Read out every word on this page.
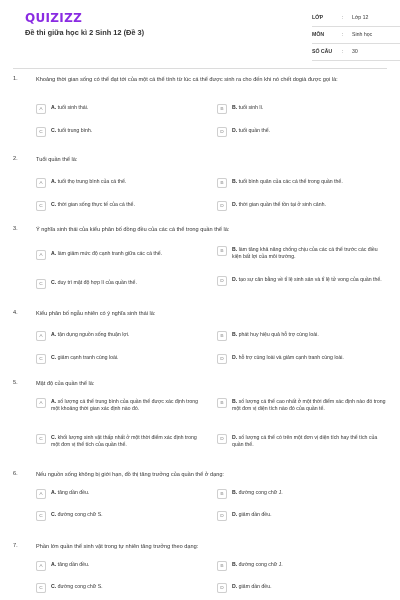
QUIZIZZ
Đề thi giữa học kì 2 Sinh 12 (Đề 3)
LỚP	:	Lớp 12
MÔN	:	Sinh học
SỐ CÂU	:	30
1.	Khoảng thời gian sống có thể đạt tới của một cá thể tính từ lúc cá thể được sinh ra cho đến khi nó chết dogià được gọi là:
A	A. tuổi sinh thái.	B	B. tuổi sinh lí.
C	C. tuổi trung bình.	D	D. tuổi quần thể.
2.	Tuổi quần thể là:
A	A. tuổi thọ trung bình của cá thể.	B	B. tuổi bình quân của các cá thể trong quần thể.
C	C. thời gian sống thực tế của cá thể.	D	D. thời gian quần thể tồn tại ở sinh cảnh.
3.	Ý nghĩa sinh thái của kiểu phân bố đồng đều của các cá thể trong quần thể là:
A	A. làm giảm mức độ cạnh tranh giữa các cá thể.	B	B. làm tăng khả năng chống chịu của các cá thể trước các điều kiện bất lợi của môi trường.
C	C. duy trì mật độ hợp lí của quần thể.	D	D. tạo sự cân bằng về tỉ lệ sinh sản và tỉ lệ tử vong của quần thể.
4.	Kiểu phân bố ngẫu nhiên có ý nghĩa sinh thái là:
A	A. tận dụng nguồn sống thuận lợi.	B	B. phát huy hiệu quả hỗ trợ cùng loài.
C	C. giảm cạnh tranh cùng loài.	D	D. hỗ trợ cùng loài và giảm cạnh tranh cùng loài.
5.	Mật độ của quần thể là:
A	A. số lượng cá thể trung bình của quần thể được xác định trong một khoảng thời gian xác định nào đó.
B	B. số lượng cá thể cao nhất ở một thời điểm xác định nào đó trong một đơn vị diện tích nào đó của quần tể.
C	C. khối lượng sinh vật thấp nhất ở một thời điểm xác định trong một đơn vị thể tích của quần thể.
D	D. số lượng cá thể có trên một đơn vị diện tích hay thể tích của quần thể.
6.	Nếu nguồn sống không bị giới hạn, đồ thị tăng trưởng của quần thể ở dạng:
A	A. tăng dần đều.	B	B. đường cong chữ J.
C	C. đường cong chữ S.	D	D. giảm dần đều.
7.	Phần lớn quần thể sinh vật trong tự nhiên tăng trưởng theo dạng:
A	A. tăng dần đều.	B	B. đường cong chữ J.
C	C. đường cong chữ S.	D	D. giảm dần đều.
